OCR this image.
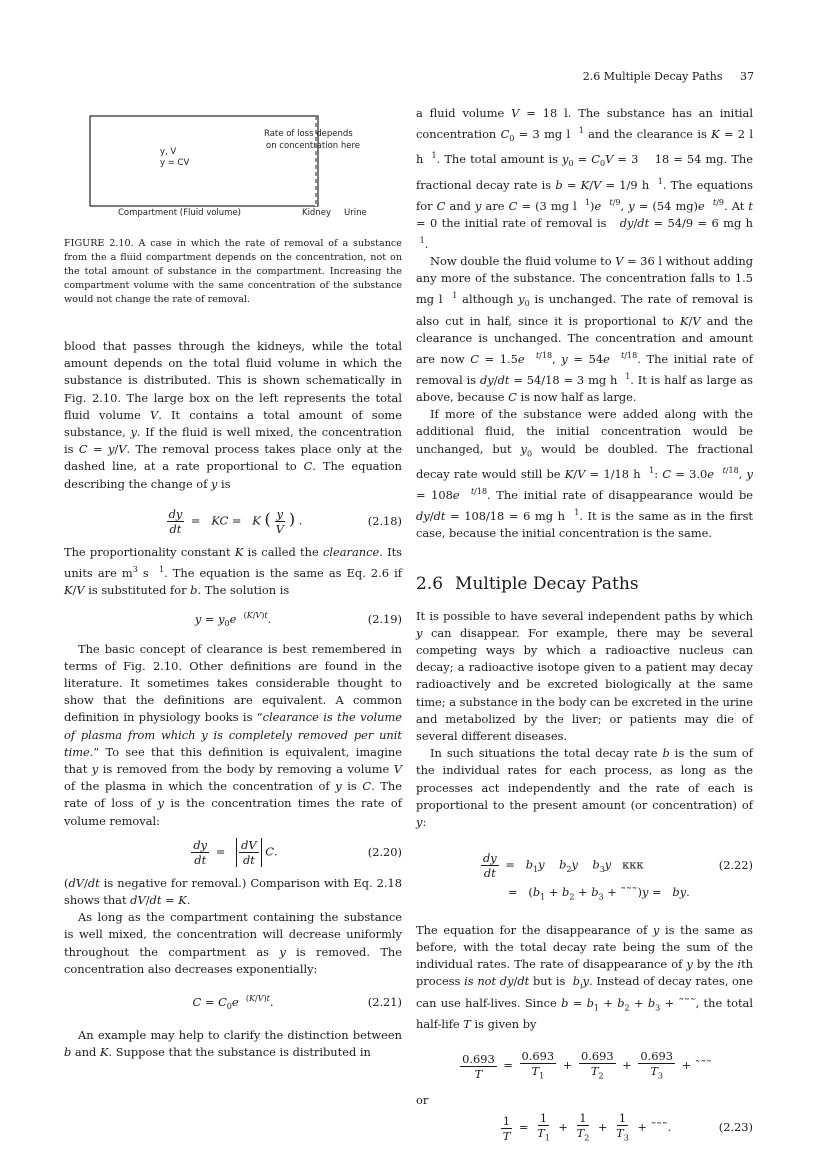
2.6 Multiple Decay Paths 37
y, V
y = CV
Rate of loss depends
on concentration here
Compartment (Fluid volume)	Kidney Urine
FIGURE 2.10. A case in which the rate of removal of a substance from the a fluid compartment depends on the concentration, not on the total amount of substance in the compartment. Increasing the compartment volume with the same concentration of the substance would not change the rate of removal.

blood that passes through the kidneys, while the total amount depends on the total fluid volume in which the substance is distributed. This is shown schematically in Fig. 2.10. The large box on the left represents the total fluid volume V. It contains a total amount of some substance, y. If the fluid is well mixed, the concentration is C = y/V. The removal process takes place only at the dashed line, at a rate proportional to C. The equation describing the change of y is

$\frac{dy}{dt}$ =   KC =   K ( $\frac{y}{V}$ ) .	(2.18)

The proportionality constant K is called the clearance. Its units are $m^3$ s  $^1$. The equation is the same as Eq. 2.6 if K/V is substituted for b. The solution is

$y = y_0e$ $^{(K/V)t}$.	(2.19)

The basic concept of clearance is best remembered in terms of Fig. 2.10. Other definitions are found in the literature. It sometimes takes considerable thought to show that the definitions are equivalent. A common definition in physiology books is “clearance is the volume of plasma from which y is completely removed per unit time.” To see that this definition is equivalent, imagine that y is removed from the body by removing a volume V of the plasma in which the concentration of y is C. The rate of loss of y is the concentration times the rate of volume removal:

$\frac{dy}{dt} = \frac{dV}{dt} C$.	(2.20)

(dV/dt is negative for removal.) Comparison with Eq. 2.18 shows that dV/dt = K.

As long as the compartment containing the substance is well mixed, the concentration will decrease uniformly throughout the compartment as y is removed. The concentration also decreases exponentially:

$C = C_0e$ $^{(K/V)t}$.	(2.21)

An example may help to clarify the distinction between b and K. Suppose that the substance is distributed in

a fluid volume V = 18 l. The substance has an initial concentration $C_0 = 3$ mg l  $^1$ and the clearance is K = 2 l h  $^1$. The total amount is $y_0 = C_0V = 3$    18 = 54 mg. The fractional decay rate is b = K/V = 1/9 h  $^1$. The equations for C and y are C = (3 mg l  $^1$)e $^{t/9}$, y = (54 mg)e $^{t/9}$. At t = 0 the initial rate of removal is   dy/dt = 54/9 = 6 mg h  $^1$.

Now double the fluid volume to V = 36 l without adding any more of the substance. The concentration falls to 1.5 mg l  $^1$ although $y_0$ is unchanged. The rate of removal is also cut in half, since it is proportional to K/V and the clearance is unchanged. The concentration and amount are now C = 1.5e $^{t/18}$, y = 54e $^{t/18}$. The initial rate of removal is dy/dt = 54/18 = 3 mg h  $^1$. It is half as large as above, because C is now half as large.

If more of the substance were added along with the additional fluid, the initial concentration would be unchanged, but $y_0$ would be doubled. The fractional decay rate would still be K/V = 1/18 h  $^1$: C = 3.0e $^{t/18}$, y = 108e $^{t/18}$. The initial rate of disappearance would be dy/dt = 108/18 = 6 mg h  $^1$. It is the same as in the first case, because the initial concentration is the same.

2.6 Multiple Decay Paths

It is possible to have several independent paths by which y can disappear. For example, there may be several competing ways by which a radioactive nucleus can decay; a radioactive isotope given to a patient may decay radioactively and be excreted biologically at the same time; a substance in the body can be excreted in the urine and metabolized by the liver; or patients may die of several different diseases.

In such situations the total decay rate b is the sum of the individual rates for each process, as long as the processes act independently and the rate of each is proportional to the present amount (or concentration) of y:

$\frac{dy}{dt} = b_1y$ $b_2y$ $b_3y$   κκκ
=   ($b_1 + b_2 + b_3$ + ˜˜˜)y =   by.
(2.22)

The equation for the disappearance of y is the same as before, with the total decay rate being the sum of the individual rates. The rate of disappearance of y by the ith process is not dy/dt but is  $b_iy$. Instead of decay rates, one can use half-lives. Since $b = b_1 + b_2 + b_3$ + ˜˜˜, the total half-life T is given by

$\frac{0.693}{T} = \frac{0.693}{T_1} + \frac{0.693}{T_2} + \frac{0.693}{T_3}$ + ˜˜˜

or

$\frac{1}{T} = \frac{1}{T_1} + \frac{1}{T_2} + \frac{1}{T_3}$ + ˜˜˜.	(2.23)
